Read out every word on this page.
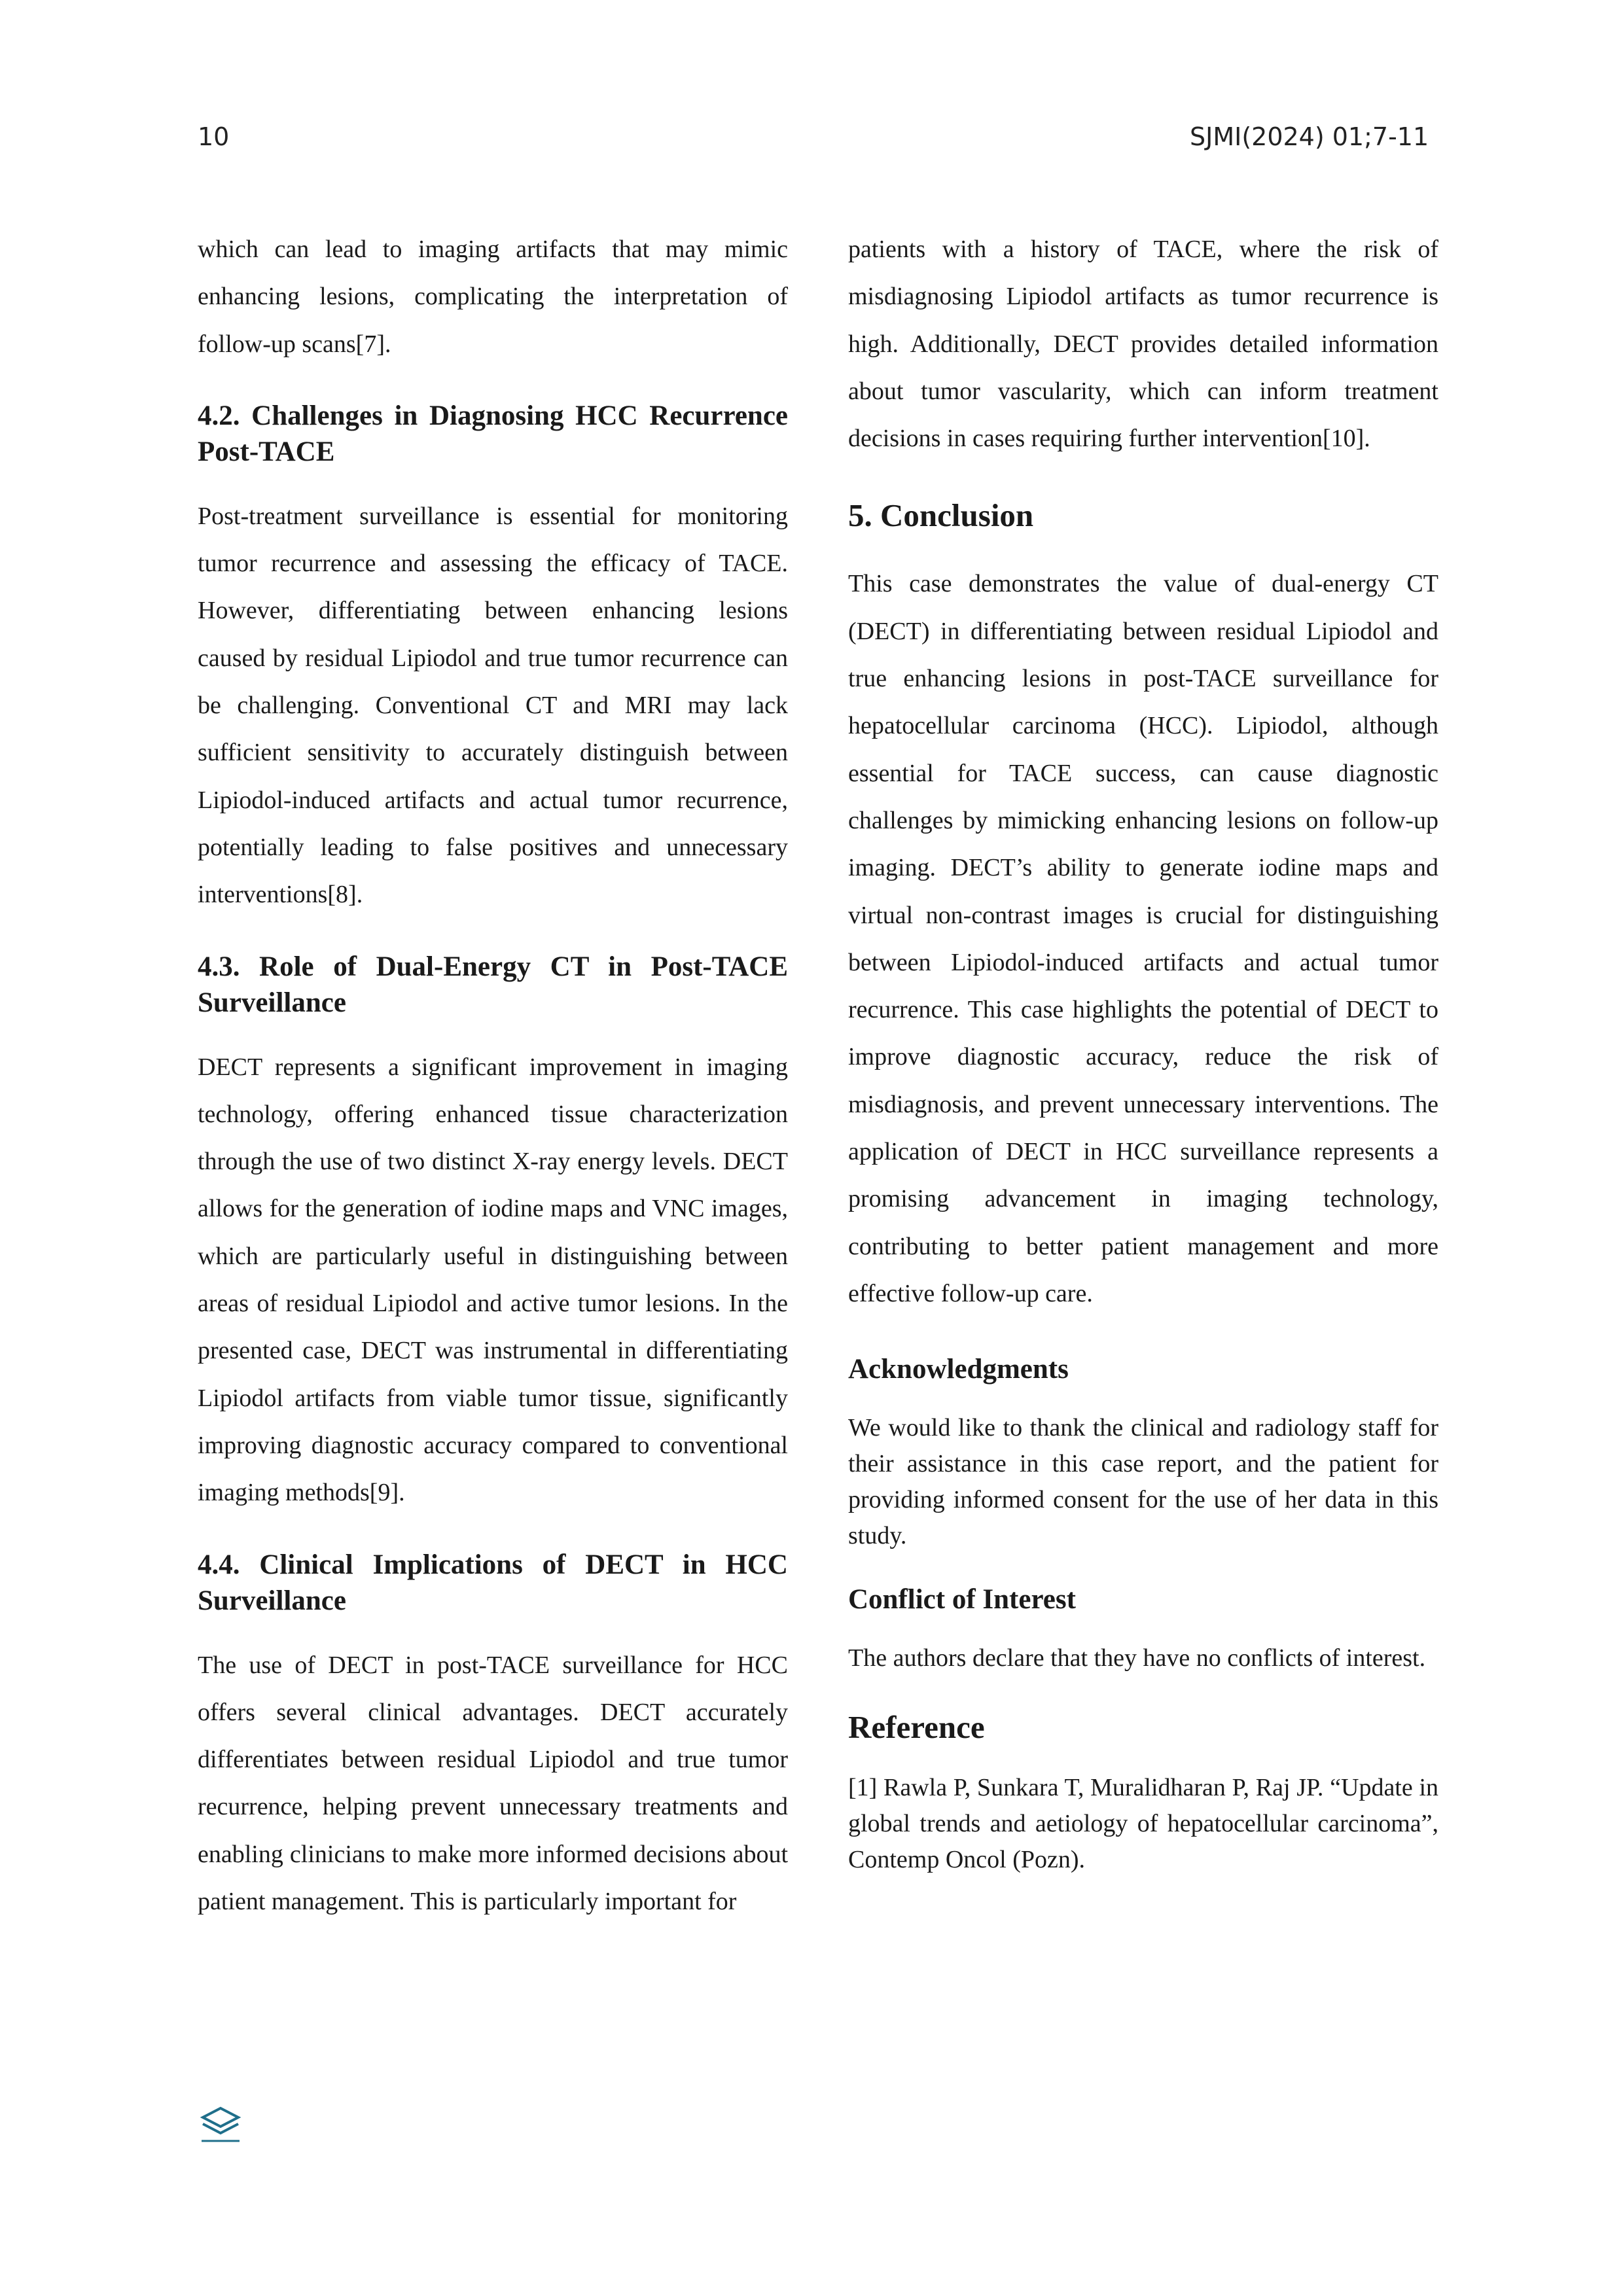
10	SJMI(2024) 01;7-11

which can lead to imaging artifacts that may mimic enhancing lesions, complicating the interpretation of follow-up scans[7].

4.2. Challenges in Diagnosing HCC Recurrence Post-TACE

Post-treatment surveillance is essential for monitoring tumor recurrence and assessing the efficacy of TACE. However, differentiating between enhancing lesions caused by residual Lipiodol and true tumor recurrence can be challenging. Conventional CT and MRI may lack sufficient sensitivity to accurately distinguish between Lipiodol-induced artifacts and actual tumor recurrence, potentially leading to false positives and unnecessary interventions[8].

4.3. Role of Dual-Energy CT in Post-TACE Surveillance

DECT represents a significant improvement in imaging technology, offering enhanced tissue characterization through the use of two distinct X-ray energy levels. DECT allows for the generation of iodine maps and VNC images, which are particularly useful in distinguishing between areas of residual Lipiodol and active tumor lesions. In the presented case, DECT was instrumental in differentiating Lipiodol artifacts from viable tumor tissue, significantly improving diagnostic accuracy compared to conventional imaging methods[9].

4.4. Clinical Implications of DECT in HCC Surveillance

The use of DECT in post-TACE surveillance for HCC offers several clinical advantages. DECT accurately differentiates between residual Lipiodol and true tumor recurrence, helping prevent unnecessary treatments and enabling clinicians to make more informed decisions about patient management. This is particularly important for

patients with a history of TACE, where the risk of misdiagnosing Lipiodol artifacts as tumor recurrence is high. Additionally, DECT provides detailed information about tumor vascularity, which can inform treatment decisions in cases requiring further intervention[10].

5. Conclusion

This case demonstrates the value of dual-energy CT (DECT) in differentiating between residual Lipiodol and true enhancing lesions in post-TACE surveillance for hepatocellular carcinoma (HCC). Lipiodol, although essential for TACE success, can cause diagnostic challenges by mimicking enhancing lesions on follow-up imaging. DECT’s ability to generate iodine maps and virtual non-contrast images is crucial for distinguishing between Lipiodol-induced artifacts and actual tumor recurrence. This case highlights the potential of DECT to improve diagnostic accuracy, reduce the risk of misdiagnosis, and prevent unnecessary interventions. The application of DECT in HCC surveillance represents a promising advancement in imaging technology, contributing to better patient management and more effective follow-up care.

Acknowledgments

We would like to thank the clinical and radiology staff for their assistance in this case report, and the patient for providing informed consent for the use of her data in this study.

Conflict of Interest

The authors declare that they have no conflicts of interest.

Reference

[1] Rawla P, Sunkara T, Muralidharan P, Raj JP. “Update in global trends and aetiology of hepatocellular carcinoma”, Contemp Oncol (Pozn).
